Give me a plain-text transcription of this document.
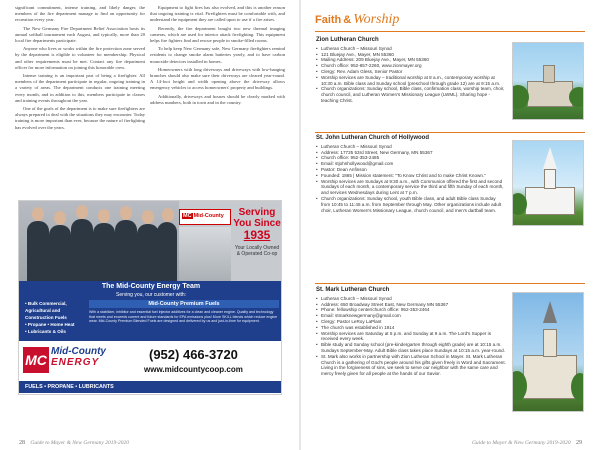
significant commitment, intense training, and likely danger, the members of the fire department manage to find an opportunity for recreation every year.

The New Germany Fire Department Relief Association hosts its annual softball tournament each August, and typically, more than 20 local fire departments participate.

Anyone who lives or works within the fire protection zone served by the department is eligible to volunteer for membership. Physical and other requirements must be met. Contact any fire department officer for more information on joining this honorable crew.

Intense training is an important part of being a firefighter. All members of the department participate in regular, ongoing training in a variety of areas. The department conducts one training meeting every month, and in addition to this, members participate in classes and training events throughout the year.

One of the goals of the department is to make sure firefighters are always prepared to deal with the situations they may encounter. Today training is more important than ever, because the nature of firefighting has evolved over the years.

Equipment to fight fires has also evolved, and this is another reason that ongoing training is vital. Firefighters must be comfortable with, and understand the equipment they are called upon to use if a fire arises.

Recently, the fire department bought two new thermal imaging cameras, which are used for interior attack firefighting. This equipment helps fire fighters find and rescue people in smoke-filled rooms.

To help keep New Germany safe, New Germany firefighters remind residents to change smoke alarm batteries yearly, and to have carbon monoxide detectors installed in homes.

Homeowners with long driveways and driveways with low-hanging branches should also make sure their driveways are cleared year-round. A 14-foot height and width opening above the driveway allows emergency vehicles to access homeowners' property and buildings.

Additionally, driveways and houses should be clearly marked with address numbers, both in town and in the country.

MC Mid-County	Serving
You Since
1935
Your Locally Owned & Operated Co-op
The Mid-County Energy Team
Serving you, our customer with:
• Bulk Commercial,
Agricultural and
Construction Fuels
• Propane • Home Heat
• Lubricants & Oils
Mid-County Premium Fuels
With a stabilizer, inhibitor and essential fuel injector additives for a clean and cleaner engine. Quality and technology that meets and exceeds current and future standards for EPA emissions plus! More SKILL blends which reduce engine wear. Mid-County Premium Blended Fuels are designed and delivered by us and just-in-time for equipment.
MC
Mid-County
ENERGY
(952) 466-3720
www.midcountycoop.com
FUELS • PROPANE • LUBRICANTS
28 Guide to Mayer & New Germany 2019-2020
Faith & Worship
Zion Lutheran Church
• Lutheran Church – Missouri Synod
• 121 Bluejay Ave., Mayer, MN 55360
• Mailing Address: 209 Bluejay Ave., Mayer, MN 55360
• Church office: 952-657-2260, www.zionmayer.org
• Clergy: Rev. Adam Gless, Senior Pastor
• Worship services are Sunday – traditional worship at 8 a.m., contemporary worship at 10:30 a.m. Bible class and Sunday school (preschool through grade 12) are at 9:15 a.m.
• Church organizations: Sunday school, Bible class, confirmation class, worship team, choir, church council, and Lutheran Women's Missionary League (LWML). Sharing hope - teaching Christ.
St. John Lutheran Church of Hollywood
• Lutheran Church – Missouri Synod
• Address: 17725 53rd Street, New Germany, MN 55367
• Church office: 952-353-2485
• Email: stjohnhollywood@gmail.com
• Pastor: Dean Anfinson
• Founded: 1865 | Mission statement: "To Know Christ and to make Christ Known."
• Worship services are Sundays at 9:30 a.m., with Communion offered the first and second Sundays of each month, a contemporary service the third and fifth Sunday of each month, and services Wednesdays during Lent at 7 p.m.
• Church organizations: Sunday school, youth Bible class, and adult Bible class Sunday from 10:45 to 11:45 a.m. from September through May. Other organizations include adult choir, Lutheran Women's Missionary League, church council, and men's dartball team.
St. Mark Lutheran Church
• Lutheran Church – Missouri Synod
• Address: 650 Broadway Street East, New Germany MN 55367
• Phone: fellowship center/church office: 952-353-2464
• Email: stmarknewgermany@gmail.com
• Clergy: Pastor LeRoy LaPlant
• The church was established in 1914
• Worship services are Saturday at 5 p.m. and Sunday at 9 a.m. The Lord's Supper is received every week.
• Bible study and Sunday school (pre-kindergarten through eighth grade) are at 10:15 a.m. Sundays September-May. Adult Bible class takes place Sundays at 10:15 a.m. year-round.
• St. Mark also works in partnership with Zion Lutheran School in Mayer. St. Mark Lutheran Church is a gathering of God's people around his gifts given freely in Word and Sacrament. Living in the forgiveness of sins, we seek to serve our neighbor with the same care and mercy freely given for all people at the hands of our Savior.
Guide to Mayer & New Germany 2019-2020 29
